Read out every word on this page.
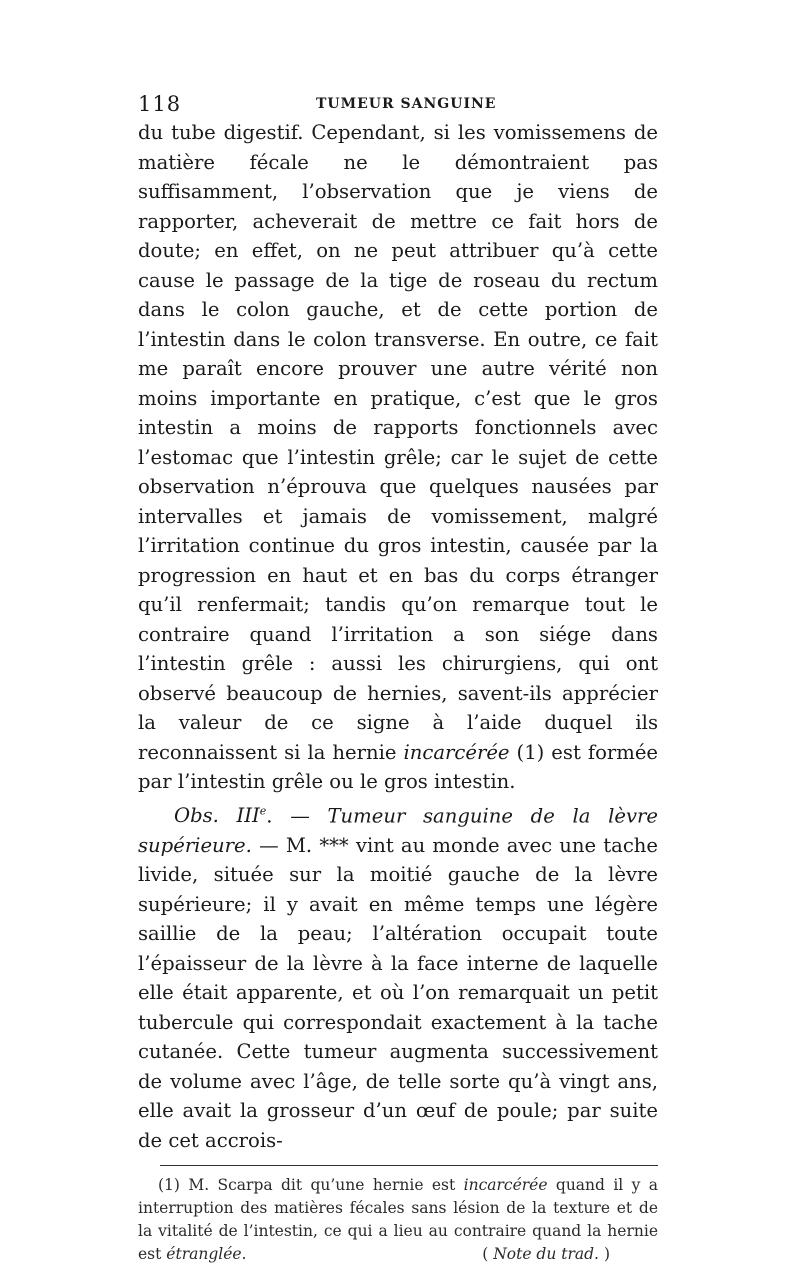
118	TUMEUR SANGUINE

du tube digestif. Cependant, si les vomissemens de matière fécale ne le démontraient pas suffisamment, l’observation que je viens de rapporter, acheverait de mettre ce fait hors de doute; en effet, on ne peut attribuer qu’à cette cause le passage de la tige de roseau du rectum dans le colon gauche, et de cette portion de l’intestin dans le colon transverse. En outre, ce fait me paraît encore prouver une autre vérité non moins importante en pratique, c’est que le gros intestin a moins de rapports fonctionnels avec l’estomac que l’intestin grêle; car le sujet de cette observation n’éprouva que quelques nausées par intervalles et jamais de vomissement, malgré l’irritation continue du gros intestin, causée par la progression en haut et en bas du corps étranger qu’il renfermait; tandis qu’on remarque tout le contraire quand l’irritation a son siége dans l’intestin grêle : aussi les chirurgiens, qui ont observé beaucoup de hernies, savent-ils apprécier la valeur de ce signe à l’aide duquel ils reconnaissent si la hernie incarcérée (1) est formée par l’intestin grêle ou le gros intestin.

Obs. IIIe. — Tumeur sanguine de la lèvre supérieure. — M. *** vint au monde avec une tache livide, située sur la moitié gauche de la lèvre supérieure; il y avait en même temps une légère saillie de la peau; l’altération occupait toute l’épaisseur de la lèvre à la face interne de laquelle elle était apparente, et où l’on remarquait un petit tubercule qui correspondait exactement à la tache cutanée. Cette tumeur augmenta successivement de volume avec l’âge, de telle sorte qu’à vingt ans, elle avait la grosseur d’un œuf de poule; par suite de cet accrois-

(1) M. Scarpa dit qu’une hernie est incarcérée quand il y a interruption des matières fécales sans lésion de la texture et de la vitalité de l’intestin, ce qui a lieu au contraire quand la hernie est étranglée.	( Note du trad. )
